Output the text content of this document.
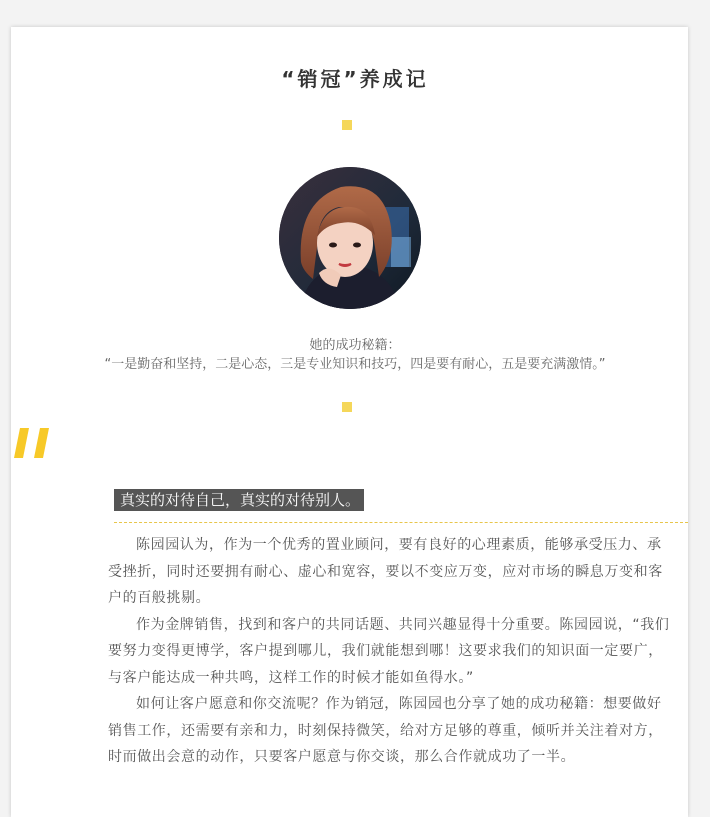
“销冠”养成记
她的成功秘籍：
“一是勤奋和坚持，二是心态，三是专业知识和技巧，四是要有耐心，五是要充满激情。”
真实的对待自己，真实的对待别人。

陈园园认为，作为一个优秀的置业顾问，要有良好的心理素质，能够承受压力、承受挫折，同时还要拥有耐心、虚心和宽容，要以不变应万变，应对市场的瞬息万变和客户的百般挑剔。

作为金牌销售，找到和客户的共同话题、共同兴趣显得十分重要。陈园园说，“我们要努力变得更博学，客户提到哪儿，我们就能想到哪！这要求我们的知识面一定要广，与客户能达成一种共鸣，这样工作的时候才能如鱼得水。”

如何让客户愿意和你交流呢？作为销冠，陈园园也分享了她的成功秘籍：想要做好销售工作，还需要有亲和力，时刻保持微笑，给对方足够的尊重，倾听并关注着对方，时而做出会意的动作，只要客户愿意与你交谈，那么合作就成功了一半。
